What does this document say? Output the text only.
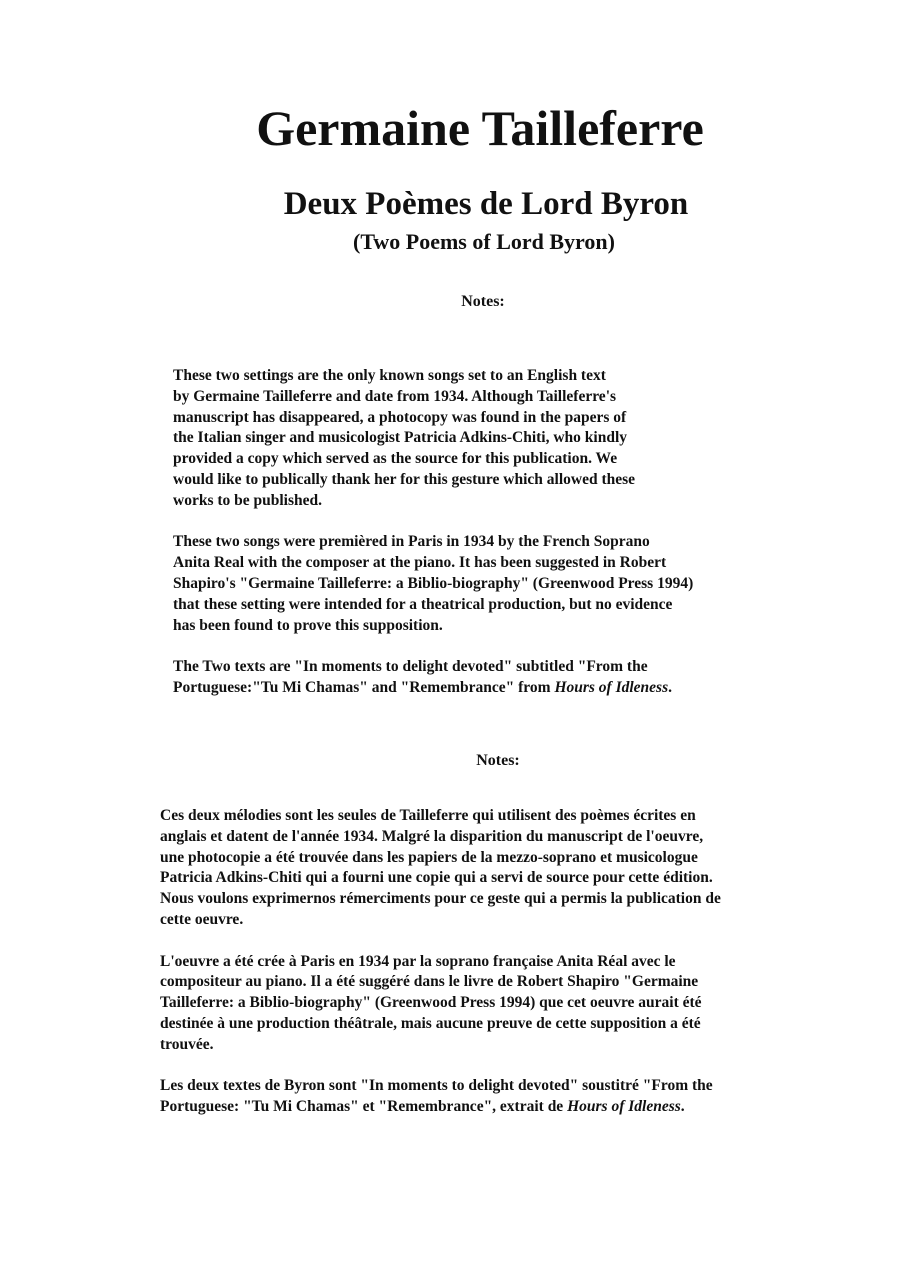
Germaine Tailleferre
Deux Poèmes de Lord Byron
(Two Poems of Lord Byron)
Notes:

These two settings are the only known songs set to an English text
by Germaine Tailleferre and date from 1934. Although Tailleferre's
manuscript has disappeared, a photocopy was found in the papers of
the Italian singer and musicologist Patricia Adkins-Chiti, who kindly
provided a copy which served as the source for this publication. We
would like to publically thank her for this gesture which allowed these
works to be published.

These two songs were premièred in Paris in 1934 by the French Soprano
Anita Real with the composer at the piano. It has been suggested in Robert
Shapiro's "Germaine Tailleferre: a Biblio-biography" (Greenwood Press 1994)
that these setting were intended for a theatrical production, but no evidence
has been found to prove this supposition.

The Two texts are "In moments to delight devoted" subtitled "From the
Portuguese:"Tu Mi Chamas" and "Remembrance" from Hours of Idleness.

Notes:

Ces deux mélodies sont les seules de Tailleferre qui utilisent des poèmes écrites en
anglais et datent de l'année 1934. Malgré la disparition du manuscript de l'oeuvre,
une photocopie a été trouvée dans les papiers de la mezzo-soprano et musicologue
Patricia Adkins-Chiti qui a fourni une copie qui a servi de source pour cette édition.
Nous voulons exprimernos rémerciments pour ce geste qui a permis la publication de
cette oeuvre.

L'oeuvre a été crée à Paris en 1934 par la soprano française Anita Réal avec le
compositeur au piano. Il a été suggéré dans le livre de Robert Shapiro "Germaine
Tailleferre: a Biblio-biography" (Greenwood Press 1994) que cet oeuvre aurait été
destinée à une production théâtrale, mais aucune preuve de cette supposition a été
trouvée.

Les deux textes de Byron sont "In moments to delight devoted" soustitré "From the
Portuguese: "Tu Mi Chamas" et "Remembrance", extrait de Hours of Idleness.
